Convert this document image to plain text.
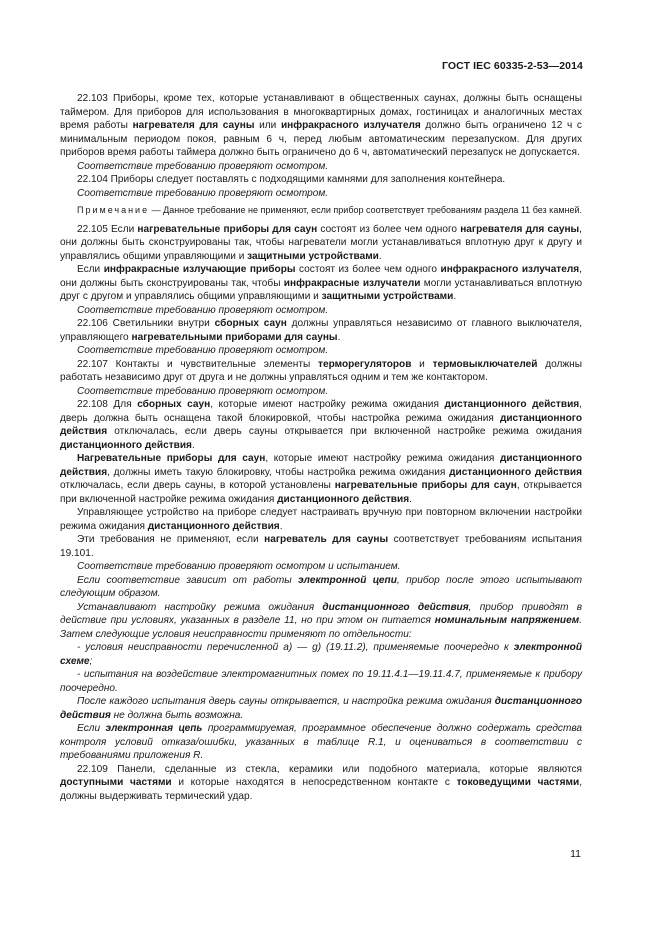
ГОСТ IEC 60335-2-53—2014

22.103 Приборы, кроме тех, которые устанавливают в общественных саунах, должны быть оснащены таймером. Для приборов для использования в многоквартирных домах, гостиницах и аналогичных местах время работы нагревателя для сауны или инфракрасного излучателя должно быть ограничено 12 ч с минимальным периодом покоя, равным 6 ч, перед любым автоматическим перезапуском. Для других приборов время работы таймера должно быть ограничено до 6 ч, автоматический перезапуск не допускается.

Соответствие требованию проверяют осмотром.

22.104 Приборы следует поставлять с подходящими камнями для заполнения контейнера.

Соответствие требованию проверяют осмотром.

Примечание — Данное требование не применяют, если прибор соответствует требованиям раздела 11 без камней.

22.105 Если нагревательные приборы для саун состоят из более чем одного нагревателя для сауны, они должны быть сконструированы так, чтобы нагреватели могли устанавливаться вплотную друг к другу и управлялись общими управляющими и защитными устройствами.

Если инфракрасные излучающие приборы состоят из более чем одного инфракрасного излучателя, они должны быть сконструированы так, чтобы инфракрасные излучатели могли устанавливаться вплотную друг с другом и управлялись общими управляющими и защитными устройствами.

Соответствие требованию проверяют осмотром.

22.106 Светильники внутри сборных саун должны управляться независимо от главного выключателя, управляющего нагревательными приборами для сауны.

Соответствие требованию проверяют осмотром.

22.107 Контакты и чувствительные элементы терморегуляторов и термовыключателей должны работать независимо друг от друга и не должны управляться одним и тем же контактором.

Соответствие требованию проверяют осмотром.

22.108 Для сборных саун, которые имеют настройку режима ожидания дистанционного действия, дверь должна быть оснащена такой блокировкой, чтобы настройка режима ожидания дистанционного действия отключалась, если дверь сауны открывается при включенной настройке режима ожидания дистанционного действия.

Нагревательные приборы для саун, которые имеют настройку режима ожидания дистанционного действия, должны иметь такую блокировку, чтобы настройка режима ожидания дистанционного действия отключалась, если дверь сауны, в которой установлены нагревательные приборы для саун, открывается при включенной настройке режима ожидания дистанционного действия.

Управляющее устройство на приборе следует настраивать вручную при повторном включении настройки режима ожидания дистанционного действия.

Эти требования не применяют, если нагреватель для сауны соответствует требованиям испытания 19.101.

Соответствие требованию проверяют осмотром и испытанием.

Если соответствие зависит от работы электронной цепи, прибор после этого испытывают следующим образом.

Устанавливают настройку режима ожидания дистанционного действия, прибор приводят в действие при условиях, указанных в разделе 11, но при этом он питается номинальным напряжением. Затем следующие условия неисправности применяют по отдельности:

- условия неисправности перечисленной a) — g) (19.11.2), применяемые поочередно к электронной схеме;

- испытания на воздействие электромагнитных помех по 19.11.4.1—19.11.4.7, применяемые к прибору поочередно.

После каждого испытания дверь сауны открывается, и настройка режима ожидания дистанционного действия не должна быть возможна.

Если электронная цепь программируемая, программное обеспечение должно содержать средства контроля условий отказа/ошибки, указанных в таблице R.1, и оцениваться в соответствии с требованиями приложения R.

22.109 Панели, сделанные из стекла, керамики или подобного материала, которые являются доступными частями и которые находятся в непосредственном контакте с токоведущими частями, должны выдерживать термический удар.

11
